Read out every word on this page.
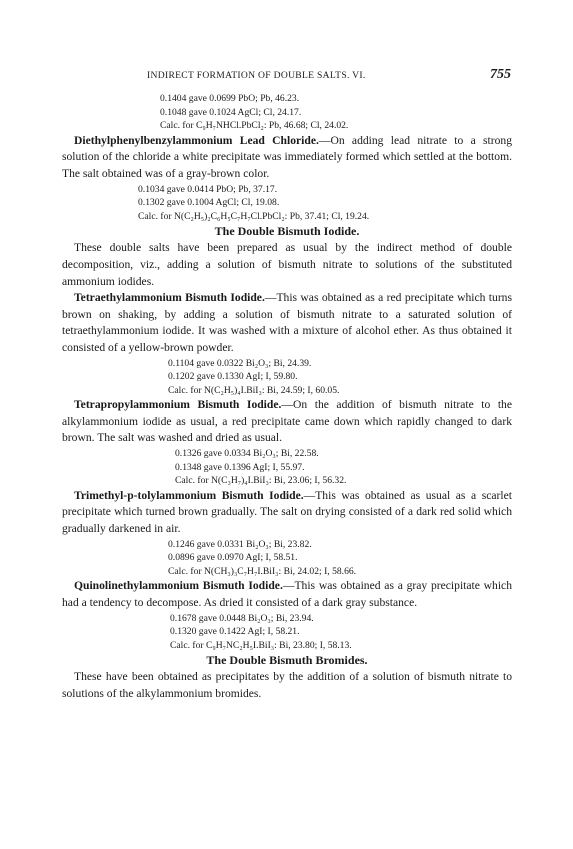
INDIRECT FORMATION OF DOUBLE SALTS. VI.	755
0.1404 gave 0.0699 PbO; Pb, 46.23.
0.1048 gave 0.1024 AgCl; Cl, 24.17.
Calc. for C₉H₇NHCl.PbCl₂: Pb, 46.68; Cl, 24.02.
Diethylphenylbenzylammonium Lead Chloride.—On adding lead nitrate to a strong solution of the chloride a white precipitate was immediately formed which settled at the bottom. The salt obtained was of a gray-brown color.
0.1034 gave 0.0414 PbO; Pb, 37.17.
0.1302 gave 0.1004 AgCl; Cl, 19.08.
Calc. for N(C₂H₅)₂C₆H₅C₇H₇Cl.PbCl₂: Pb, 37.41; Cl, 19.24.
The Double Bismuth Iodide.
These double salts have been prepared as usual by the indirect method of double decomposition, viz., adding a solution of bismuth nitrate to solutions of the substituted ammonium iodides.
Tetraethylammonium Bismuth Iodide.—This was obtained as a red precipitate which turns brown on shaking, by adding a solution of bismuth nitrate to a saturated solution of tetraethylammonium iodide. It was washed with a mixture of alcohol ether. As thus obtained it consisted of a yellow-brown powder.
0.1104 gave 0.0322 Bi₂O₃; Bi, 24.39.
0.1202 gave 0.1330 AgI; I, 59.80.
Calc. for N(C₂H₅)₄I.BiI₃: Bi, 24.59; I, 60.05.
Tetrapropylammonium Bismuth Iodide.—On the addition of bismuth nitrate to the alkylammonium iodide as usual, a red precipitate came down which rapidly changed to dark brown. The salt was washed and dried as usual.
0.1326 gave 0.0334 Bi₂O₃; Bi, 22.58.
0.1348 gave 0.1396 AgI; I, 55.97.
Calc. for N(C₃H₇)₄I.BiI₃: Bi, 23.06; I, 56.32.
Trimethyl-p-tolylammonium Bismuth Iodide.—This was obtained as usual as a scarlet precipitate which turned brown gradually. The salt on drying consisted of a dark red solid which gradually darkened in air.
0.1246 gave 0.0331 Bi₂O₃; Bi, 23.82.
0.0896 gave 0.0970 AgI; I, 58.51.
Calc. for N(CH₃)₃C₇H₇I.BiI₃: Bi, 24.02; I, 58.66.
Quinolinethylammonium Bismuth Iodide.—This was obtained as a gray precipitate which had a tendency to decompose. As dried it consisted of a dark gray substance.
0.1678 gave 0.0448 Bi₂O₃; Bi, 23.94.
0.1320 gave 0.1422 AgI; I, 58.21.
Calc. for C₉H₇NC₂H₅I.BiI₃: Bi, 23.80; I, 58.13.
The Double Bismuth Bromides.
These have been obtained as precipitates by the addition of a solution of bismuth nitrate to solutions of the alkylammonium bromides.
